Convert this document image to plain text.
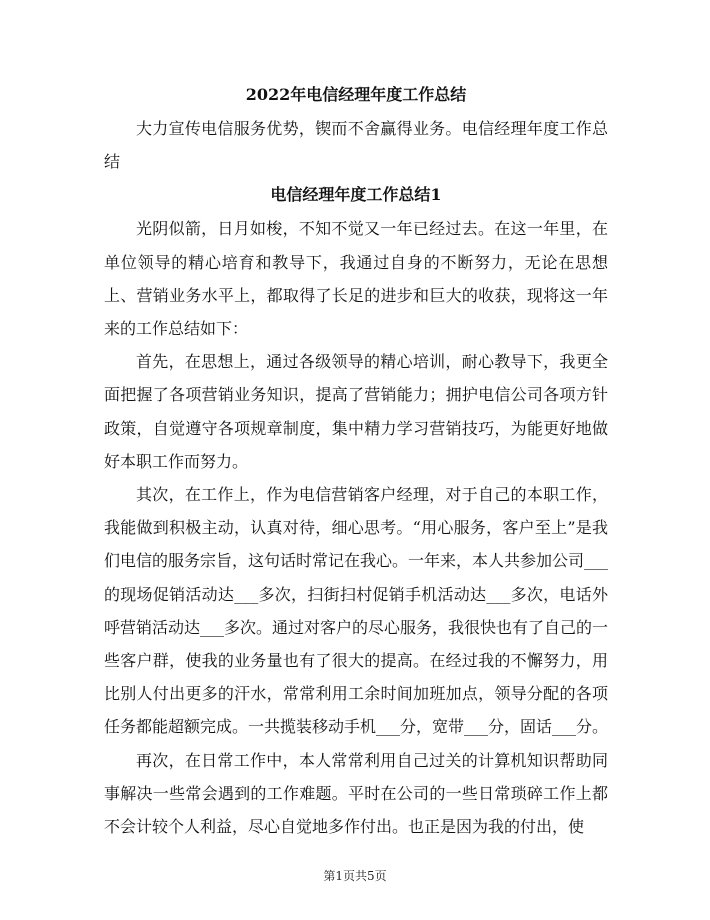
2022年电信经理年度工作总结

大力宣传电信服务优势，锲而不舍赢得业务。电信经理年度工作总结

电信经理年度工作总结1

光阴似箭，日月如梭，不知不觉又一年已经过去。在这一年里，在单位领导的精心培育和教导下，我通过自身的不断努力，无论在思想上、营销业务水平上，都取得了长足的进步和巨大的收获，现将这一年来的工作总结如下：

首先，在思想上，通过各级领导的精心培训，耐心教导下，我更全面把握了各项营销业务知识，提高了营销能力；拥护电信公司各项方针政策，自觉遵守各项规章制度，集中精力学习营销技巧，为能更好地做好本职工作而努力。

其次，在工作上，作为电信营销客户经理，对于自己的本职工作，我能做到积极主动，认真对待，细心思考。“用心服务，客户至上”是我们电信的服务宗旨，这句话时常记在我心。一年来，本人共参加公司___的现场促销活动达___多次，扫街扫村促销手机活动达___多次，电话外呼营销活动达___多次。通过对客户的尽心服务，我很快也有了自己的一些客户群，使我的业务量也有了很大的提高。在经过我的不懈努力，用比别人付出更多的汗水，常常利用工余时间加班加点，领导分配的各项任务都能超额完成。一共揽装移动手机___分，宽带___分，固话___分。

再次，在日常工作中，本人常常利用自己过关的计算机知识帮助同事解决一些常会遇到的工作难题。平时在公司的一些日常琐碎工作上都不会计较个人利益，尽心自觉地多作付出。也正是因为我的付出，使

第1页共5页
